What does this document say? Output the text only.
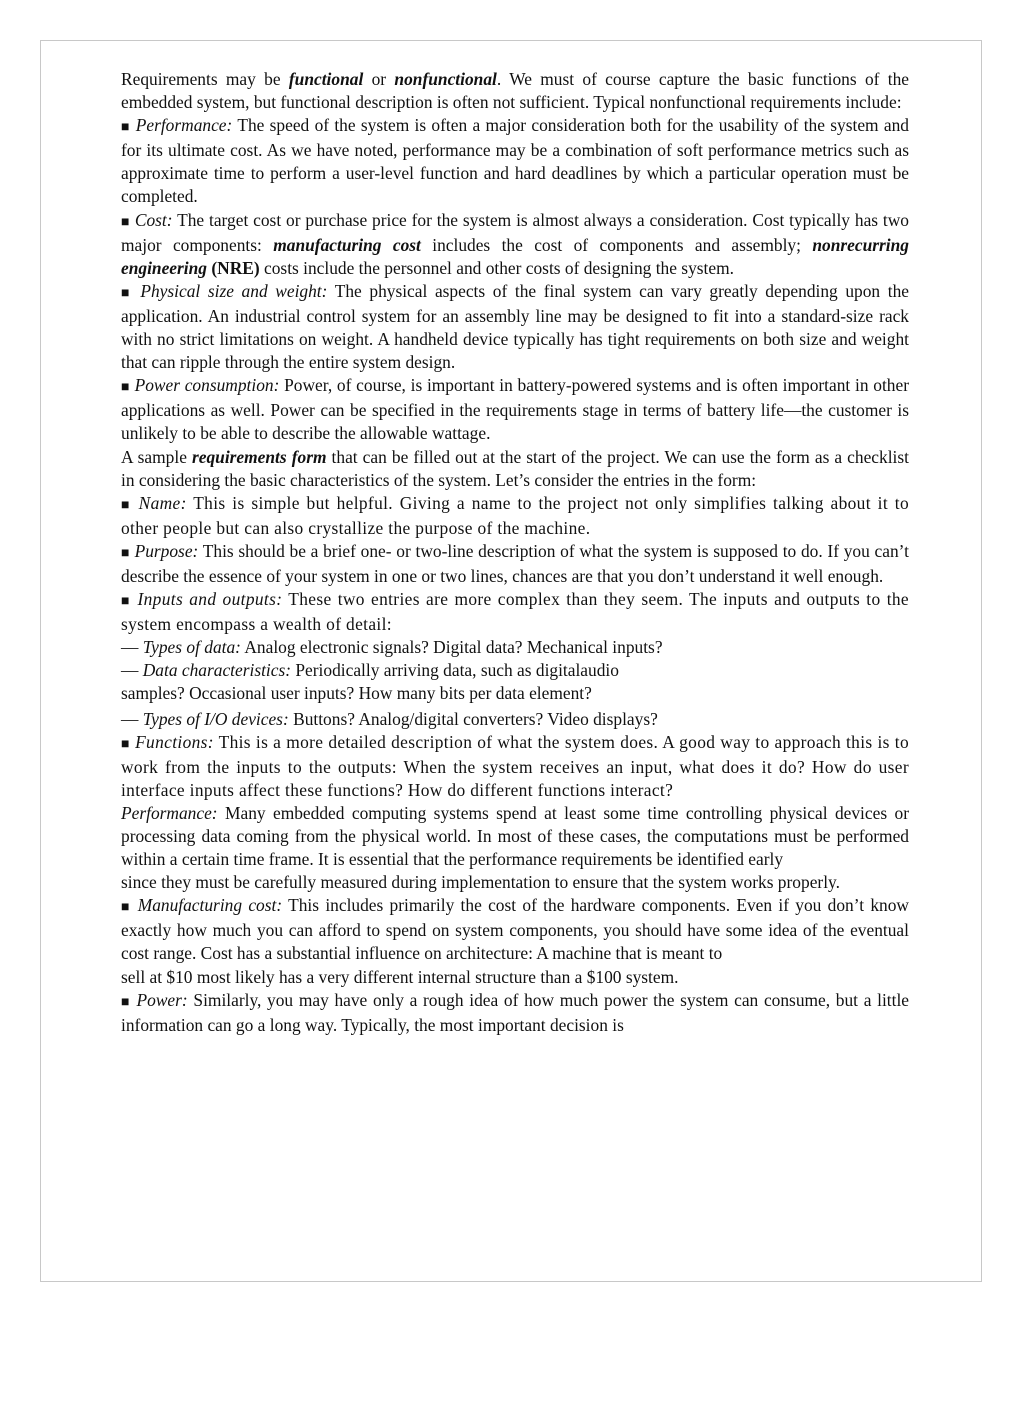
Requirements may be functional or nonfunctional. We must of course capture the basic functions of the embedded system, but functional description is often not sufficient. Typical nonfunctional requirements include:

■ Performance: The speed of the system is often a major consideration both for the usability of the system and for its ultimate cost. As we have noted, performance may be a combination of soft performance metrics such as approximate time to perform a user-level function and hard deadlines by which a particular operation must be completed.

■ Cost: The target cost or purchase price for the system is almost always a consideration. Cost typically has two major components: manufacturing cost includes the cost of components and assembly; nonrecurring engineering (NRE) costs include the personnel and other costs of designing the system.

■ Physical size and weight: The physical aspects of the final system can vary greatly depending upon the application. An industrial control system for an assembly line may be designed to fit into a standard-size rack with no strict limitations on weight. A handheld device typically has tight requirements on both size and weight that can ripple through the entire system design.

■ Power consumption: Power, of course, is important in battery-powered systems and is often important in other applications as well. Power can be specified in the requirements stage in terms of battery life—the customer is unlikely to be able to describe the allowable wattage.

A sample requirements form that can be filled out at the start of the project. We can use the form as a checklist in considering the basic characteristics of the system. Let’s consider the entries in the form:

■ Name: This is simple but helpful. Giving a name to the project not only simplifies talking about it to other people but can also crystallize the purpose of the machine.

■ Purpose: This should be a brief one- or two-line description of what the system is supposed to do. If you can’t describe the essence of your system in one or two lines, chances are that you don’t understand it well enough.

■ Inputs and outputs: These two entries are more complex than they seem. The inputs and outputs to the system encompass a wealth of detail:

— Types of data: Analog electronic signals? Digital data? Mechanical inputs?

— Data characteristics: Periodically arriving data, such as digitalaudio

samples? Occasional user inputs? How many bits per data element?

— Types of I/O devices: Buttons? Analog/digital converters? Video displays?

■ Functions: This is a more detailed description of what the system does. A good way to approach this is to work from the inputs to the outputs: When the system receives an input, what does it do? How do user interface inputs affect these functions? How do different functions interact?

Performance: Many embedded computing systems spend at least some time controlling physical devices or processing data coming from the physical world. In most of these cases, the computations must be performed within a certain time frame. It is essential that the performance requirements be identified early

since they must be carefully measured during implementation to ensure that the system works properly.

■ Manufacturing cost: This includes primarily the cost of the hardware components. Even if you don’t know exactly how much you can afford to spend on system components, you should have some idea of the eventual cost range. Cost has a substantial influence on architecture: A machine that is meant to

sell at $10 most likely has a very different internal structure than a $100 system.

■ Power: Similarly, you may have only a rough idea of how much power the system can consume, but a little information can go a long way. Typically, the most important decision is
